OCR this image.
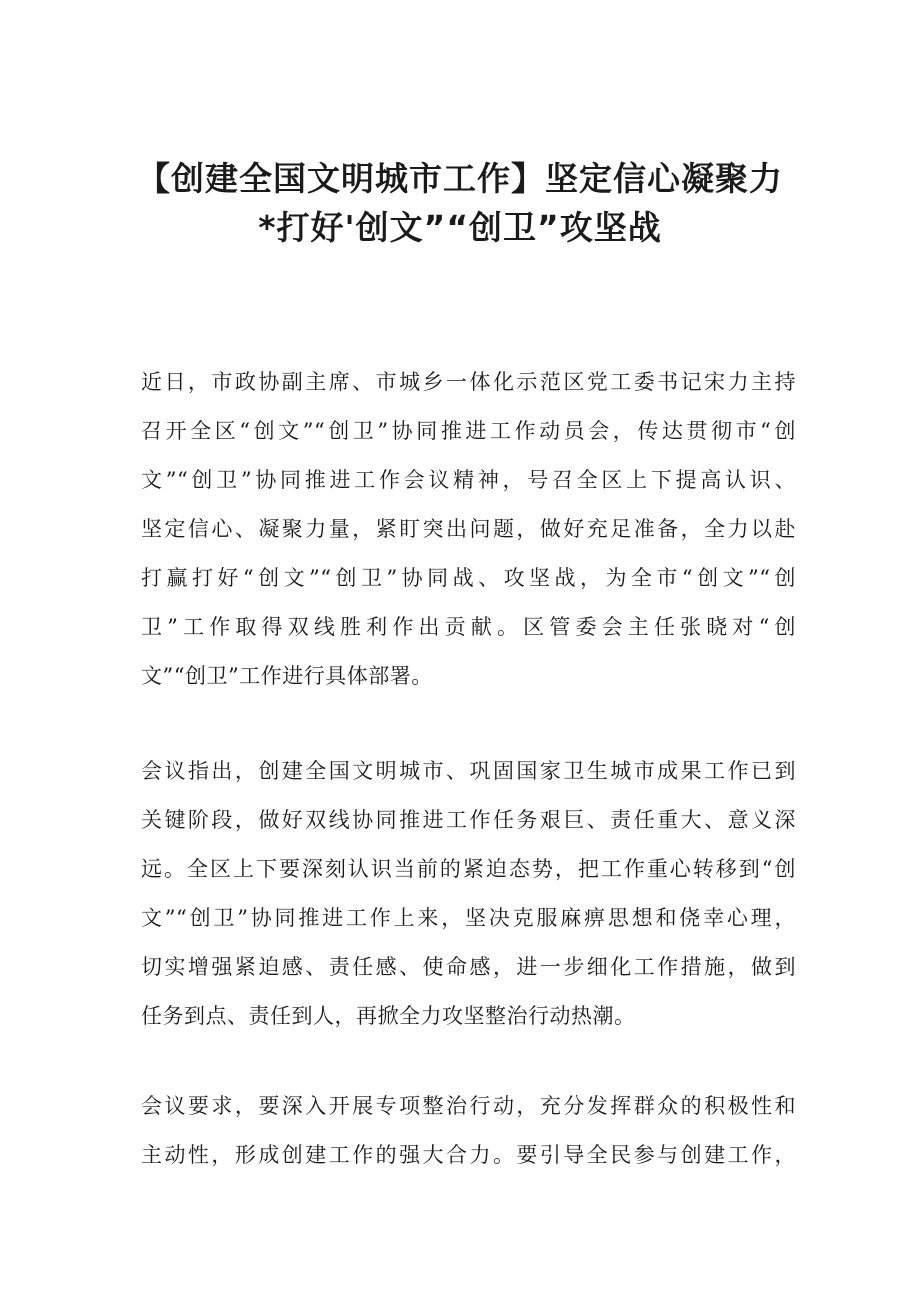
【创建全国文明城市工作】坚定信心凝聚力
*打好'创文”“创卫”攻坚战
近日，市政协副主席、市城乡一体化示范区党工委书记宋力主持
召开全区“创文”“创卫”协同推进工作动员会，传达贯彻市“创
文”“创卫”协同推进工作会议精神，号召全区上下提高认识、
坚定信心、凝聚力量，紧盯突出问题，做好充足准备，全力以赴
打赢打好“创文”“创卫”协同战、攻坚战，为全市“创文”“创
卫”工作取得双线胜利作出贡献。区管委会主任张晓对“创
文”“创卫”工作进行具体部署。
会议指出，创建全国文明城市、巩固国家卫生城市成果工作已到
关键阶段，做好双线协同推进工作任务艰巨、责任重大、意义深
远。全区上下要深刻认识当前的紧迫态势，把工作重心转移到“创
文”“创卫”协同推进工作上来，坚决克服麻痹思想和侥幸心理，
切实增强紧迫感、责任感、使命感，进一步细化工作措施，做到
任务到点、责任到人，再掀全力攻坚整治行动热潮。
会议要求，要深入开展专项整治行动，充分发挥群众的积极性和
主动性，形成创建工作的强大合力。要引导全民参与创建工作，
